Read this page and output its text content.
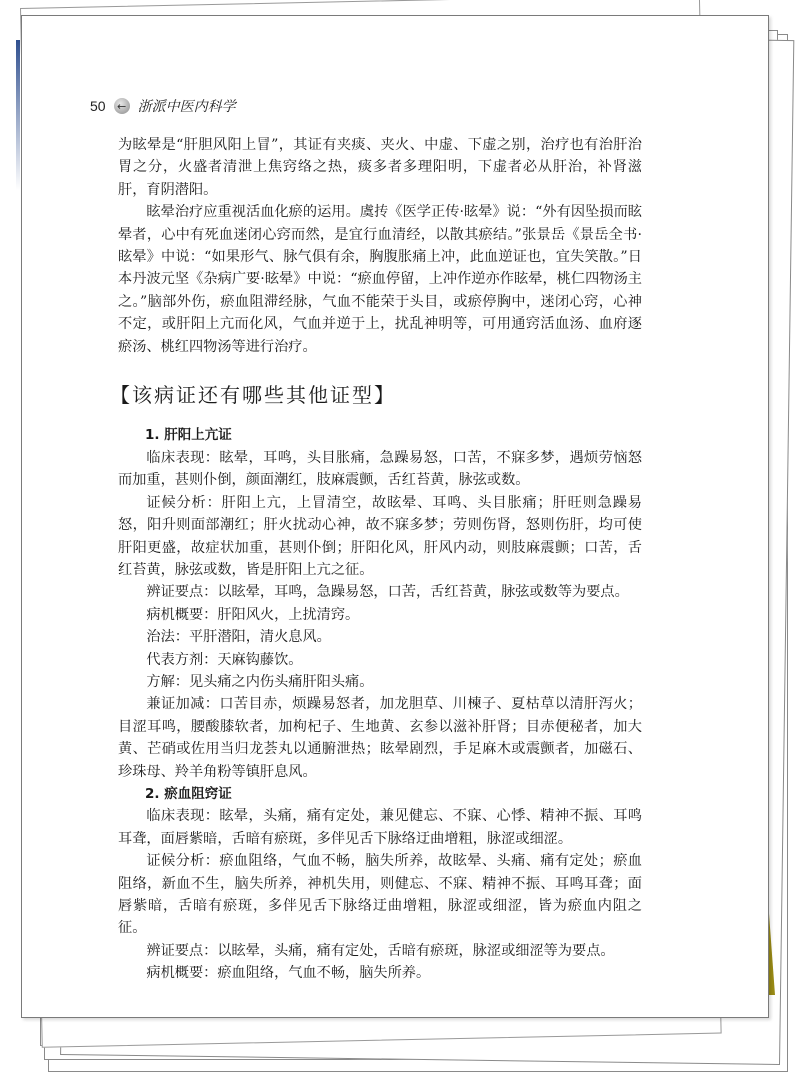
50	← 浙派中医内科学

为眩晕是“肝胆风阳上冒”，其证有夹痰、夹火、中虚、下虚之别，治疗也有治肝治胃之分，火盛者清泄上焦窍络之热，痰多者多理阳明，下虚者必从肝治，补肾滋肝，育阴潜阳。

眩晕治疗应重视活血化瘀的运用。虞抟《医学正传·眩晕》说：“外有因坠损而眩晕者，心中有死血迷闭心窍而然，是宜行血清经，以散其瘀结。”张景岳《景岳全书·眩晕》中说：“如果形气、脉气俱有余，胸腹胀痛上冲，此血逆证也，宜失笑散。”日本丹波元坚《杂病广要·眩晕》中说：“瘀血停留，上冲作逆亦作眩晕，桃仁四物汤主之。”脑部外伤，瘀血阻滞经脉，气血不能荣于头目，或瘀停胸中，迷闭心窍，心神不定，或肝阳上亢而化风，气血并逆于上，扰乱神明等，可用通窍活血汤、血府逐瘀汤、桃红四物汤等进行治疗。

【该病证还有哪些其他证型】
1. 肝阳上亢证

临床表现：眩晕，耳鸣，头目胀痛，急躁易怒，口苦，不寐多梦，遇烦劳恼怒而加重，甚则仆倒，颜面潮红，肢麻震颤，舌红苔黄，脉弦或数。

证候分析：肝阳上亢，上冒清空，故眩晕、耳鸣、头目胀痛；肝旺则急躁易怒，阳升则面部潮红；肝火扰动心神，故不寐多梦；劳则伤肾，怒则伤肝，均可使肝阳更盛，故症状加重，甚则仆倒；肝阳化风，肝风内动，则肢麻震颤；口苦，舌红苔黄，脉弦或数，皆是肝阳上亢之征。

辨证要点：以眩晕，耳鸣，急躁易怒，口苦，舌红苔黄，脉弦或数等为要点。

病机概要：肝阳风火，上扰清窍。

治法：平肝潜阳，清火息风。

代表方剂：天麻钩藤饮。

方解：见头痛之内伤头痛肝阳头痛。

兼证加减：口苦目赤，烦躁易怒者，加龙胆草、川楝子、夏枯草以清肝泻火；目涩耳鸣，腰酸膝软者，加枸杞子、生地黄、玄参以滋补肝肾；目赤便秘者，加大黄、芒硝或佐用当归龙荟丸以通腑泄热；眩晕剧烈，手足麻木或震颤者，加磁石、珍珠母、羚羊角粉等镇肝息风。

2. 瘀血阻窍证

临床表现：眩晕，头痛，痛有定处，兼见健忘、不寐、心悸、精神不振、耳鸣耳聋，面唇紫暗，舌暗有瘀斑，多伴见舌下脉络迂曲增粗，脉涩或细涩。

证候分析：瘀血阻络，气血不畅，脑失所养，故眩晕、头痛、痛有定处；瘀血阻络，新血不生，脑失所养，神机失用，则健忘、不寐、精神不振、耳鸣耳聋；面唇紫暗，舌暗有瘀斑，多伴见舌下脉络迂曲增粗，脉涩或细涩，皆为瘀血内阻之征。

辨证要点：以眩晕，头痛，痛有定处，舌暗有瘀斑，脉涩或细涩等为要点。

病机概要：瘀血阻络，气血不畅，脑失所养。
